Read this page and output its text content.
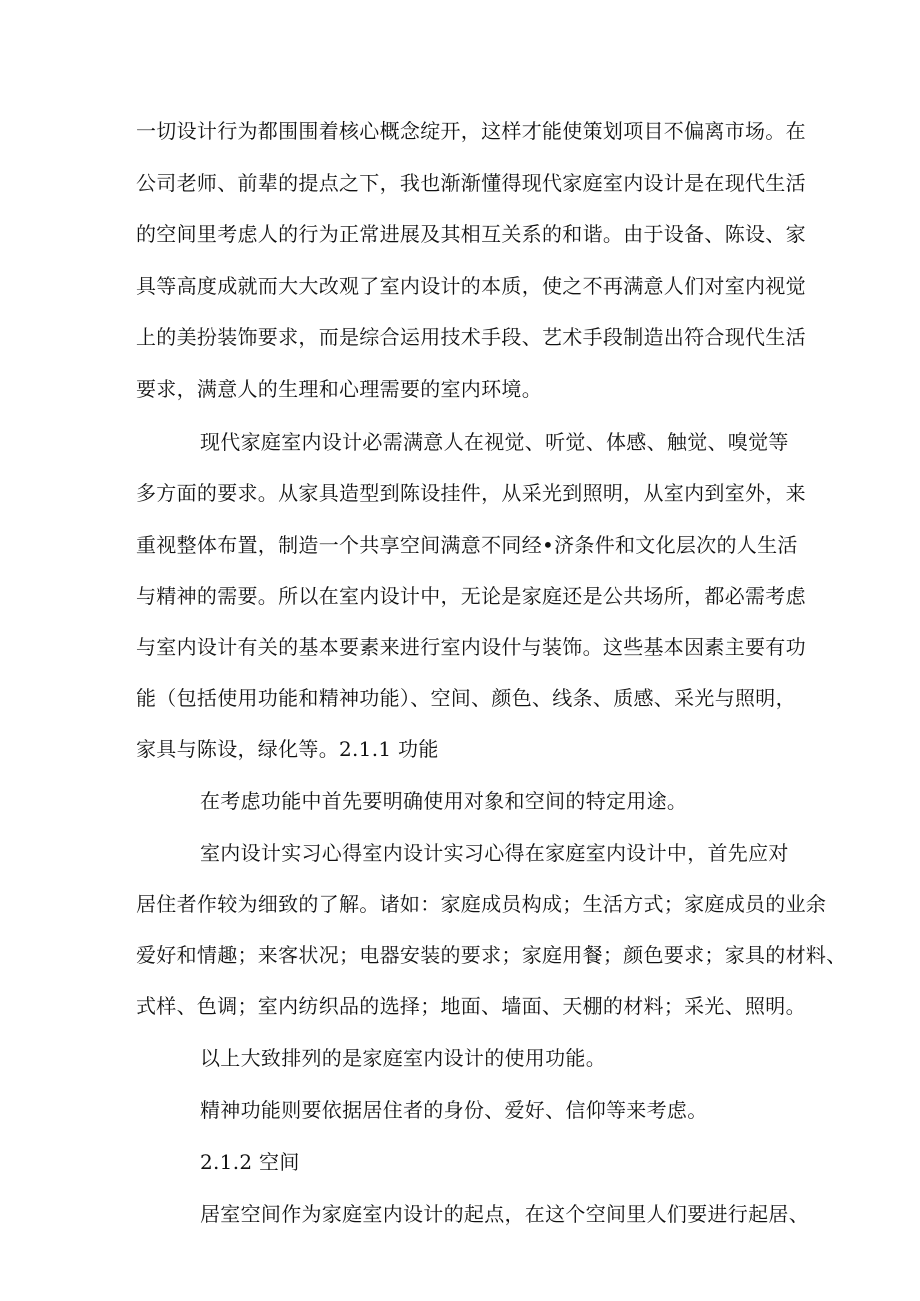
一切设计行为都围围着核心概念绽开，这样才能使策划项目不偏离市场。在
公司老师、前辈的提点之下，我也渐渐懂得现代家庭室内设计是在现代生活
的空间里考虑人的行为正常进展及其相互关系的和谐。由于设备、陈设、家
具等高度成就而大大改观了室内设计的本质，使之不再满意人们对室内视觉
上的美扮装饰要求，而是综合运用技术手段、艺术手段制造出符合现代生活
要求，满意人的生理和心理需要的室内环境。
现代家庭室内设计必需满意人在视觉、听觉、体感、触觉、嗅觉等
多方面的要求。从家具造型到陈设挂件，从采光到照明，从室内到室外，来
重视整体布置，制造一个共享空间满意不同经•济条件和文化层次的人生活
与精神的需要。所以在室内设计中，无论是家庭还是公共场所，都必需考虑
与室内设计有关的基本要素来进行室内设什与装饰。这些基本因素主要有功
能（包括使用功能和精神功能）、空间、颜色、线条、质感、采光与照明，
家具与陈设，绿化等。2.1.1 功能
在考虑功能中首先要明确使用对象和空间的特定用途。
室内设计实习心得室内设计实习心得在家庭室内设计中，首先应对
居住者作较为细致的了解。诸如：家庭成员构成；生活方式；家庭成员的业余
爱好和情趣；来客状况；电器安装的要求；家庭用餐；颜色要求；家具的材料、
式样、色调；室内纺织品的选择；地面、墙面、天棚的材料；采光、照明。
以上大致排列的是家庭室内设计的使用功能。
精神功能则要依据居住者的身份、爱好、信仰等来考虑。
2.1.2 空间
居室空间作为家庭室内设计的起点，在这个空间里人们要进行起居、
